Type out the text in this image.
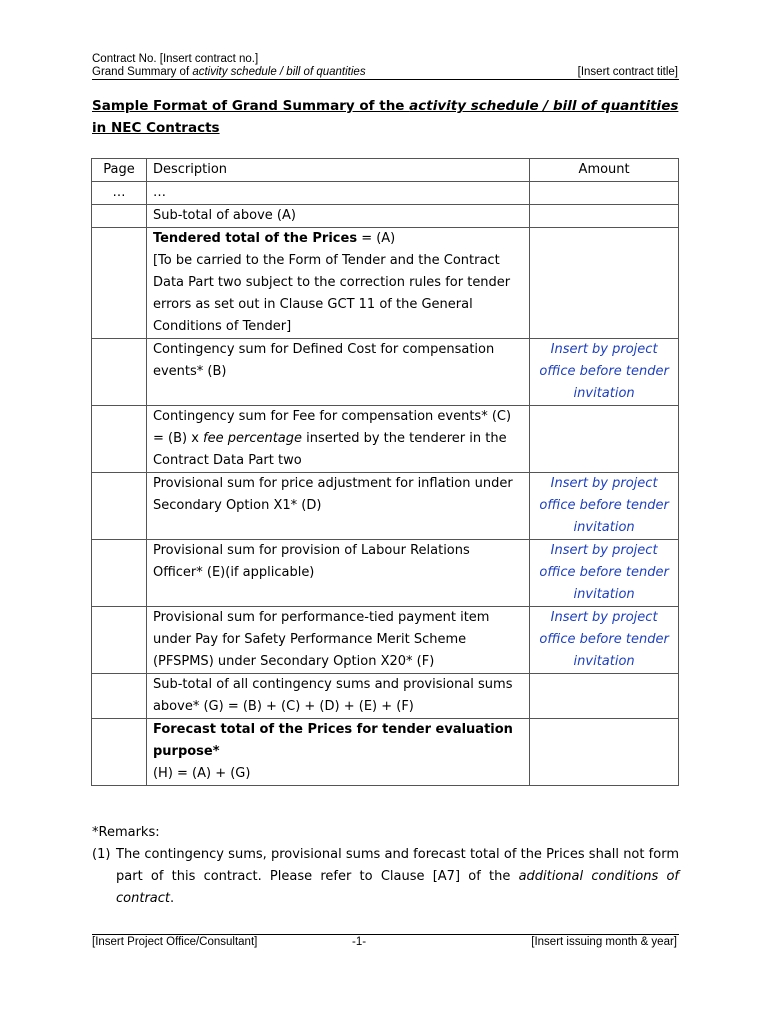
Contract No. [Insert contract no.]
Grand Summary of activity schedule / bill of quantities	[Insert contract title]
Sample Format of Grand Summary of the activity schedule / bill of quantities
in NEC Contracts
Page	Description	Amount
…	…	
	Sub-total of above (A)	
	Tendered total of the Prices = (A)
[To be carried to the Form of Tender and the Contract Data Part two subject to the correction rules for tender errors as set out in Clause GCT 11 of the General Conditions of Tender]	
	Contingency sum for Defined Cost for compensation events* (B)	Insert by project office before tender invitation
	Contingency sum for Fee for compensation events* (C) = (B) x fee percentage inserted by the tenderer in the Contract Data Part two	
	Provisional sum for price adjustment for inflation under Secondary Option X1* (D)	Insert by project office before tender invitation
	Provisional sum for provision of Labour Relations Officer* (E)(if applicable)	Insert by project office before tender invitation
	Provisional sum for performance-tied payment item under Pay for Safety Performance Merit Scheme (PFSPMS) under Secondary Option X20* (F)	Insert by project office before tender invitation
	Sub-total of all contingency sums and provisional sums above* (G) = (B) + (C) + (D) + (E) + (F)	
	Forecast total of the Prices for tender evaluation purpose*
(H) = (A) + (G)	
*Remarks:
(1) The contingency sums, provisional sums and forecast total of the Prices shall not form part of this contract. Please refer to Clause [A7] of the additional conditions of contract.
[Insert Project Office/Consultant]	-1-	[Insert issuing month & year]
